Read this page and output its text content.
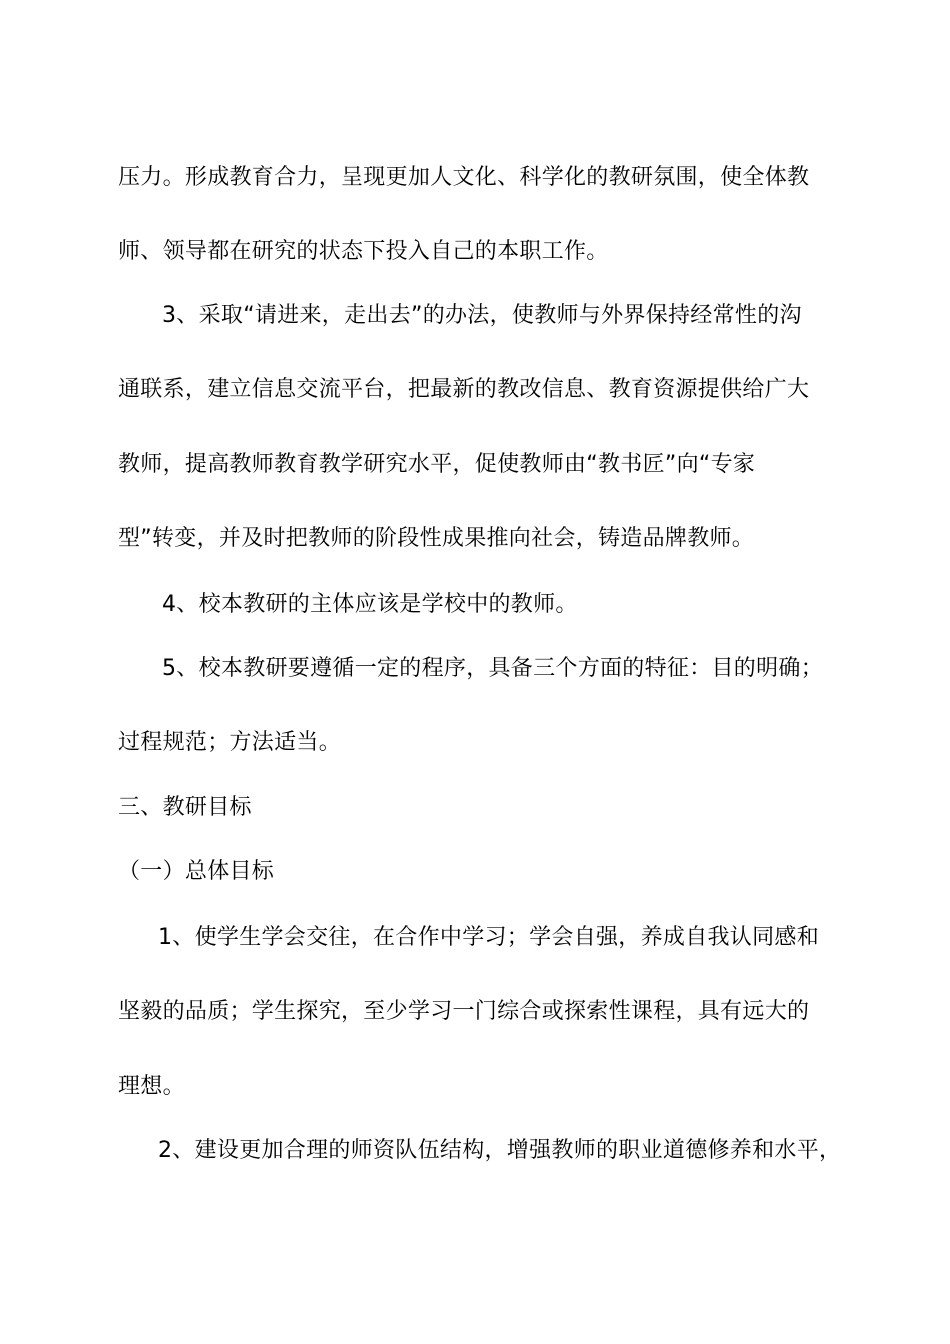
压力。形成教育合力，呈现更加人文化、科学化的教研氛围，使全体教
师、领导都在研究的状态下投入自己的本职工作。
3、采取“请进来，走出去”的办法，使教师与外界保持经常性的沟
通联系，建立信息交流平台，把最新的教改信息、教育资源提供给广大
教师，提高教师教育教学研究水平，促使教师由“教书匠”向“专家
型”转变，并及时把教师的阶段性成果推向社会，铸造品牌教师。
4、校本教研的主体应该是学校中的教师。
5、校本教研要遵循一定的程序，具备三个方面的特征：目的明确；
过程规范；方法适当。
三、教研目标
（一）总体目标
1、使学生学会交往，在合作中学习；学会自强，养成自我认同感和
坚毅的品质；学生探究，至少学习一门综合或探索性课程，具有远大的
理想。
2、建设更加合理的师资队伍结构，增强教师的职业道德修养和水平，
